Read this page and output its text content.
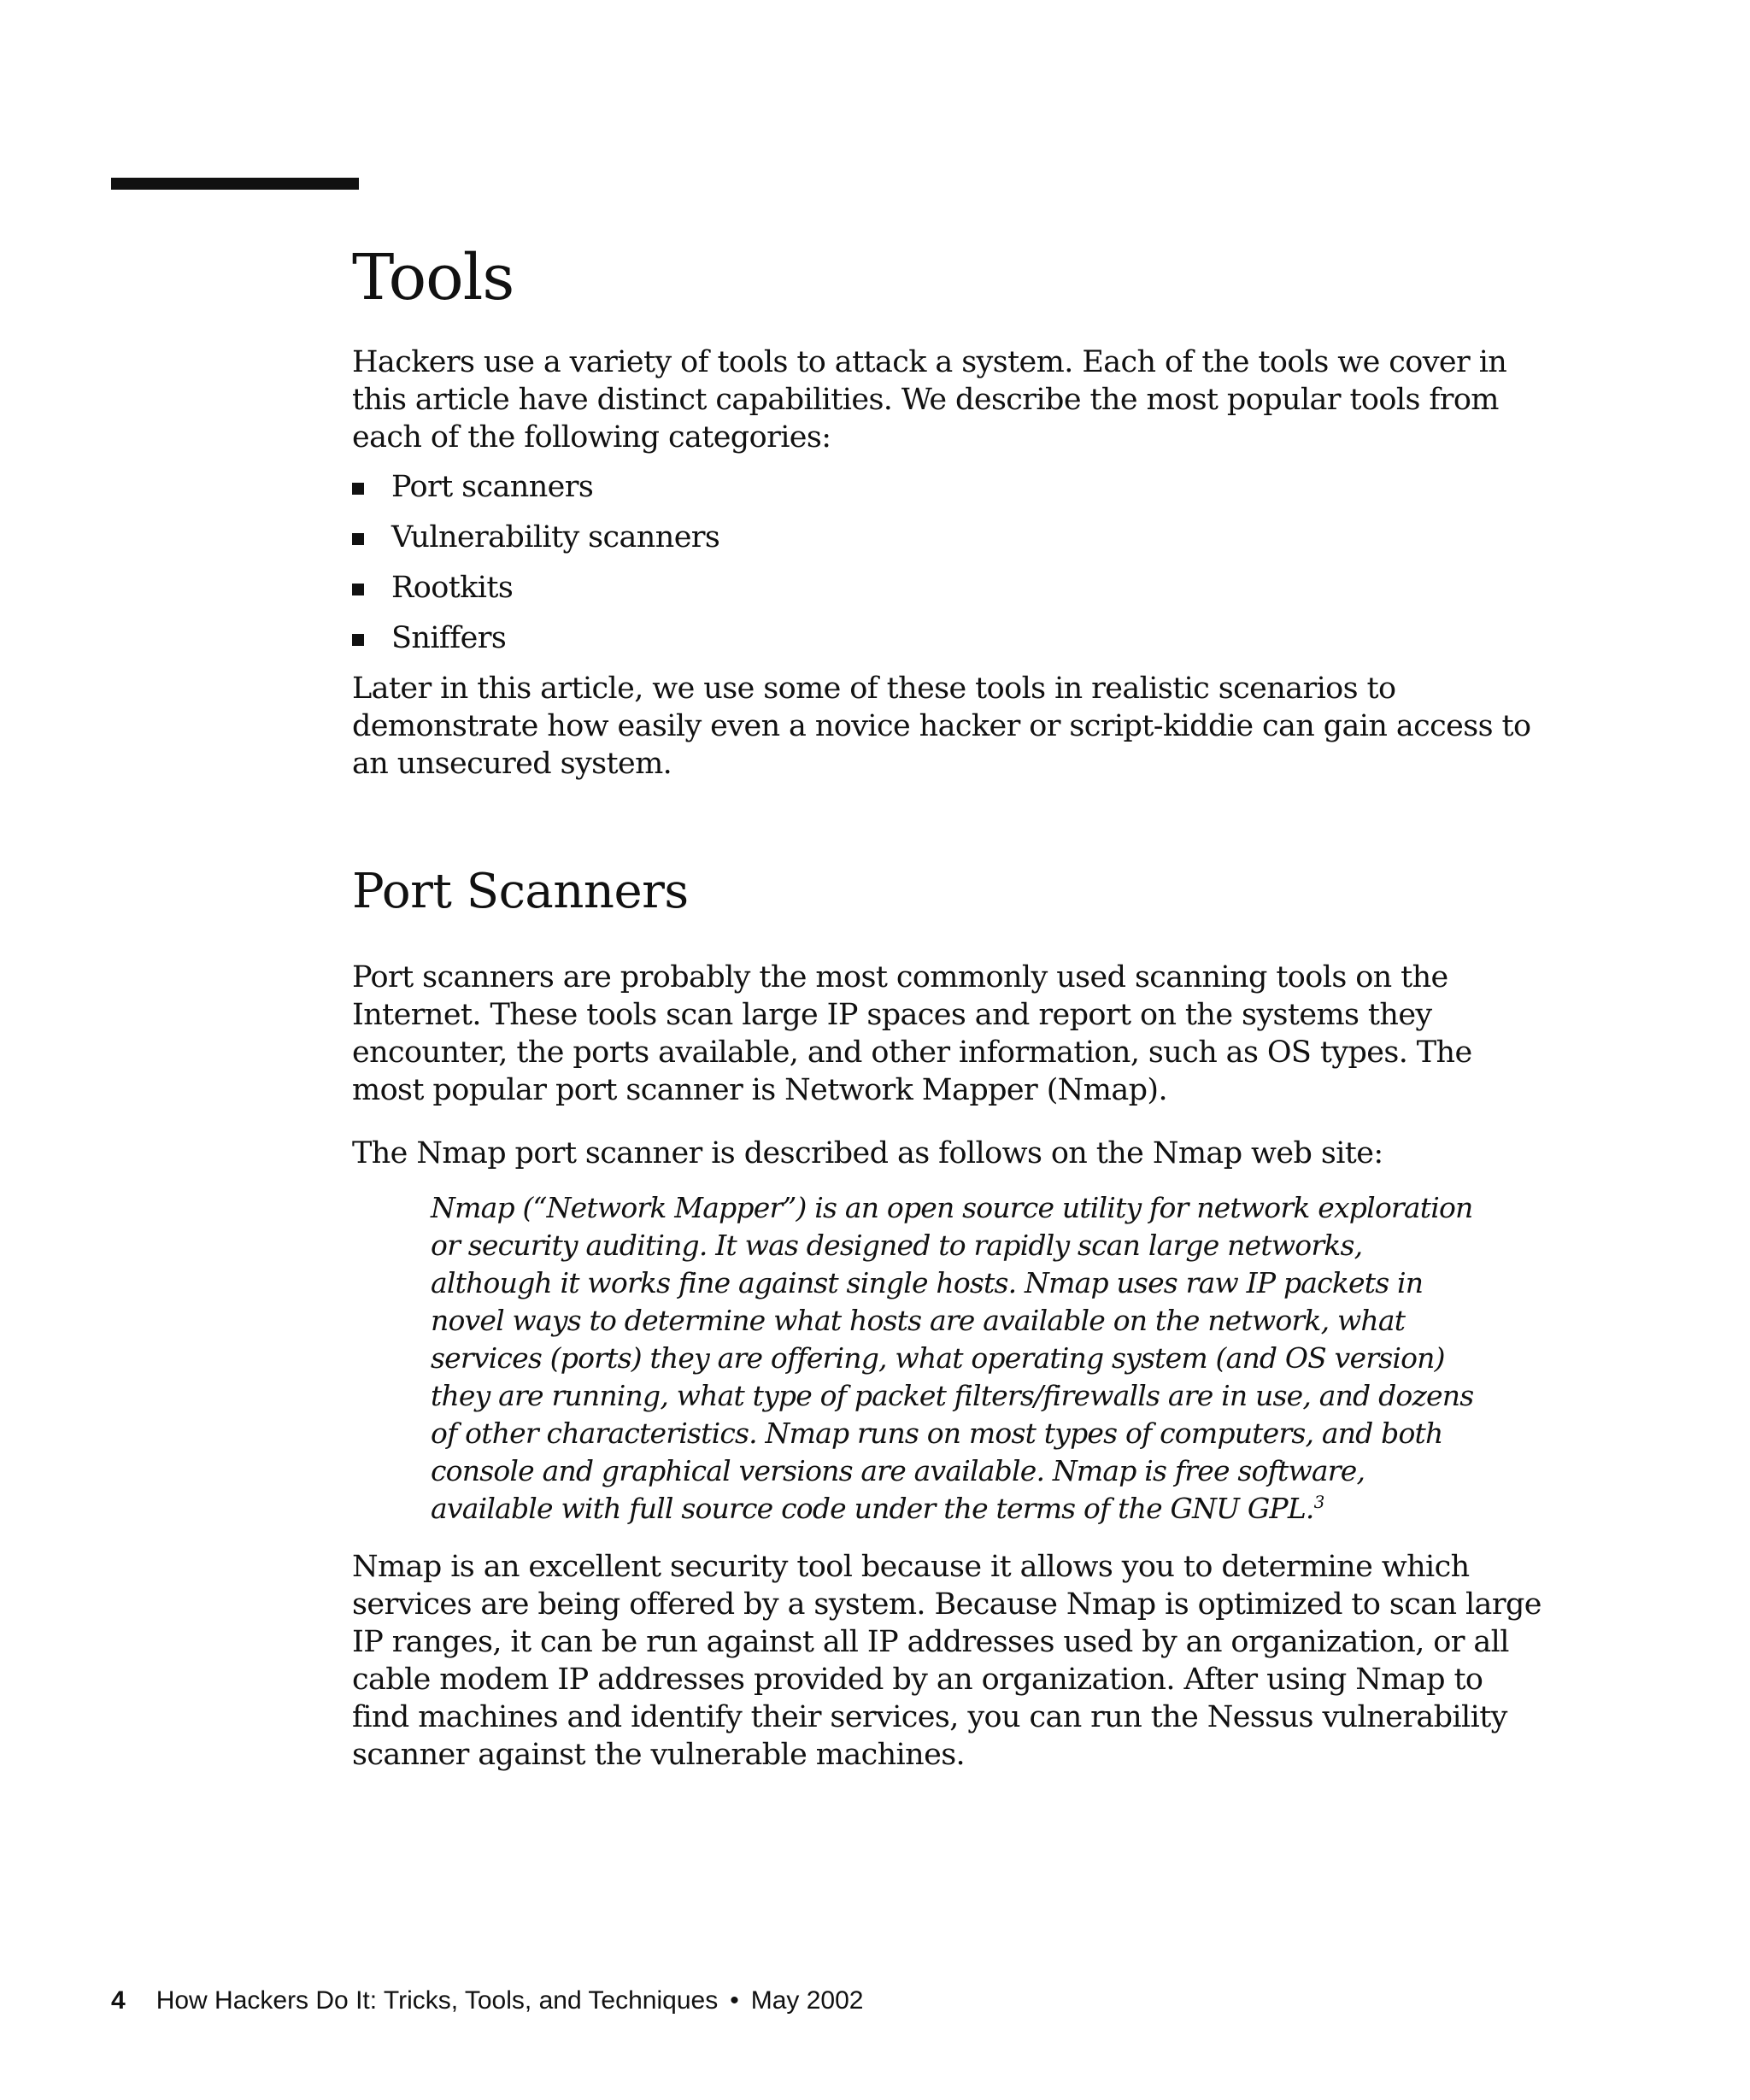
Tools

Hackers use a variety of tools to attack a system. Each of the tools we cover in this article have distinct capabilities. We describe the most popular tools from each of the following categories:

Port scanners
Vulnerability scanners
Rootkits
Sniffers

Later in this article, we use some of these tools in realistic scenarios to demonstrate how easily even a novice hacker or script-kiddie can gain access to an unsecured system.

Port Scanners

Port scanners are probably the most commonly used scanning tools on the Internet. These tools scan large IP spaces and report on the systems they encounter, the ports available, and other information, such as OS types. The most popular port scanner is Network Mapper (Nmap).

The Nmap port scanner is described as follows on the Nmap web site:

Nmap (“Network Mapper”) is an open source utility for network exploration or security auditing. It was designed to rapidly scan large networks, although it works fine against single hosts. Nmap uses raw IP packets in novel ways to determine what hosts are available on the network, what services (ports) they are offering, what operating system (and OS version) they are running, what type of packet filters/firewalls are in use, and dozens of other characteristics. Nmap runs on most types of computers, and both console and graphical versions are available. Nmap is free software, available with full source code under the terms of the GNU GPL.$^3$

Nmap is an excellent security tool because it allows you to determine which services are being offered by a system. Because Nmap is optimized to scan large IP ranges, it can be run against all IP addresses used by an organization, or all cable modem IP addresses provided by an organization. After using Nmap to find machines and identify their services, you can run the Nessus vulnerability scanner against the vulnerable machines.

4 How Hackers Do It: Tricks, Tools, and Techniques • May 2002
